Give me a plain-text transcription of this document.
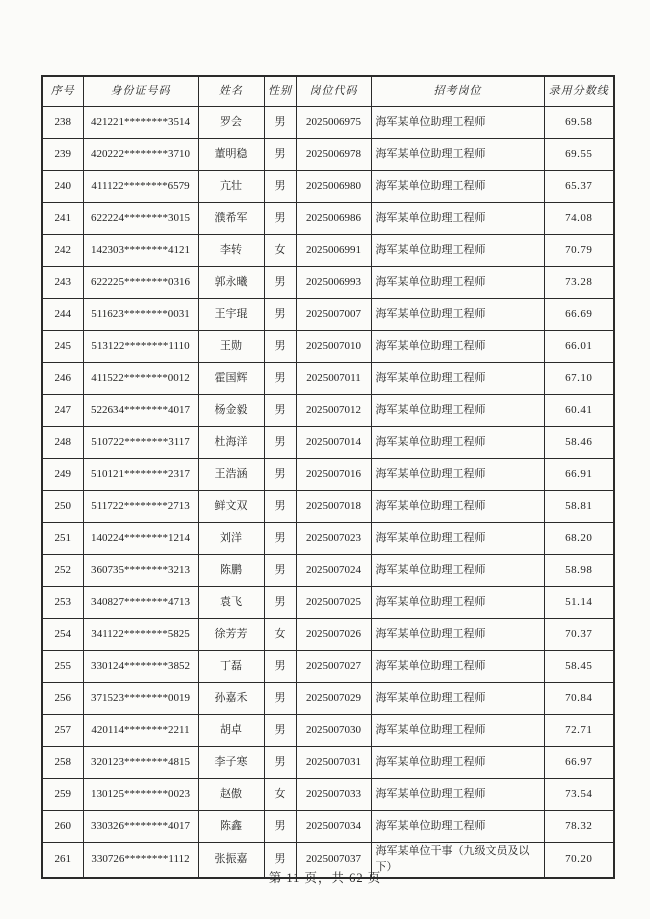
序号	身份证号码	姓名	性别	岗位代码	招考岗位	录用分数线
238	421221********3514	罗会	男	2025006975	海军某单位助理工程师	69.58
239	420222********3710	董明稳	男	2025006978	海军某单位助理工程师	69.55
240	411122********6579	亢壮	男	2025006980	海军某单位助理工程师	65.37
241	622224********3015	濮希军	男	2025006986	海军某单位助理工程师	74.08
242	142303********4121	李转	女	2025006991	海军某单位助理工程师	70.79
243	622225********0316	郭永曦	男	2025006993	海军某单位助理工程师	73.28
244	511623********0031	王宇琨	男	2025007007	海军某单位助理工程师	66.69
245	513122********1110	王勋	男	2025007010	海军某单位助理工程师	66.01
246	411522********0012	霍国辉	男	2025007011	海军某单位助理工程师	67.10
247	522634********4017	杨金毅	男	2025007012	海军某单位助理工程师	60.41
248	510722********3117	杜海洋	男	2025007014	海军某单位助理工程师	58.46
249	510121********2317	王浩涵	男	2025007016	海军某单位助理工程师	66.91
250	511722********2713	鲜文双	男	2025007018	海军某单位助理工程师	58.81
251	140224********1214	刘洋	男	2025007023	海军某单位助理工程师	68.20
252	360735********3213	陈鹏	男	2025007024	海军某单位助理工程师	58.98
253	340827********4713	袁飞	男	2025007025	海军某单位助理工程师	51.14
254	341122********5825	徐芳芳	女	2025007026	海军某单位助理工程师	70.37
255	330124********3852	丁磊	男	2025007027	海军某单位助理工程师	58.45
256	371523********0019	孙嘉禾	男	2025007029	海军某单位助理工程师	70.84
257	420114********2211	胡卓	男	2025007030	海军某单位助理工程师	72.71
258	320123********4815	李子寒	男	2025007031	海军某单位助理工程师	66.97
259	130125********0023	赵傲	女	2025007033	海军某单位助理工程师	73.54
260	330326********4017	陈鑫	男	2025007034	海军某单位助理工程师	78.32
261	330726********1112	张振嘉	男	2025007037	海军某单位干事（九级文员及以下）	70.20
第 11 页，共 62 页
